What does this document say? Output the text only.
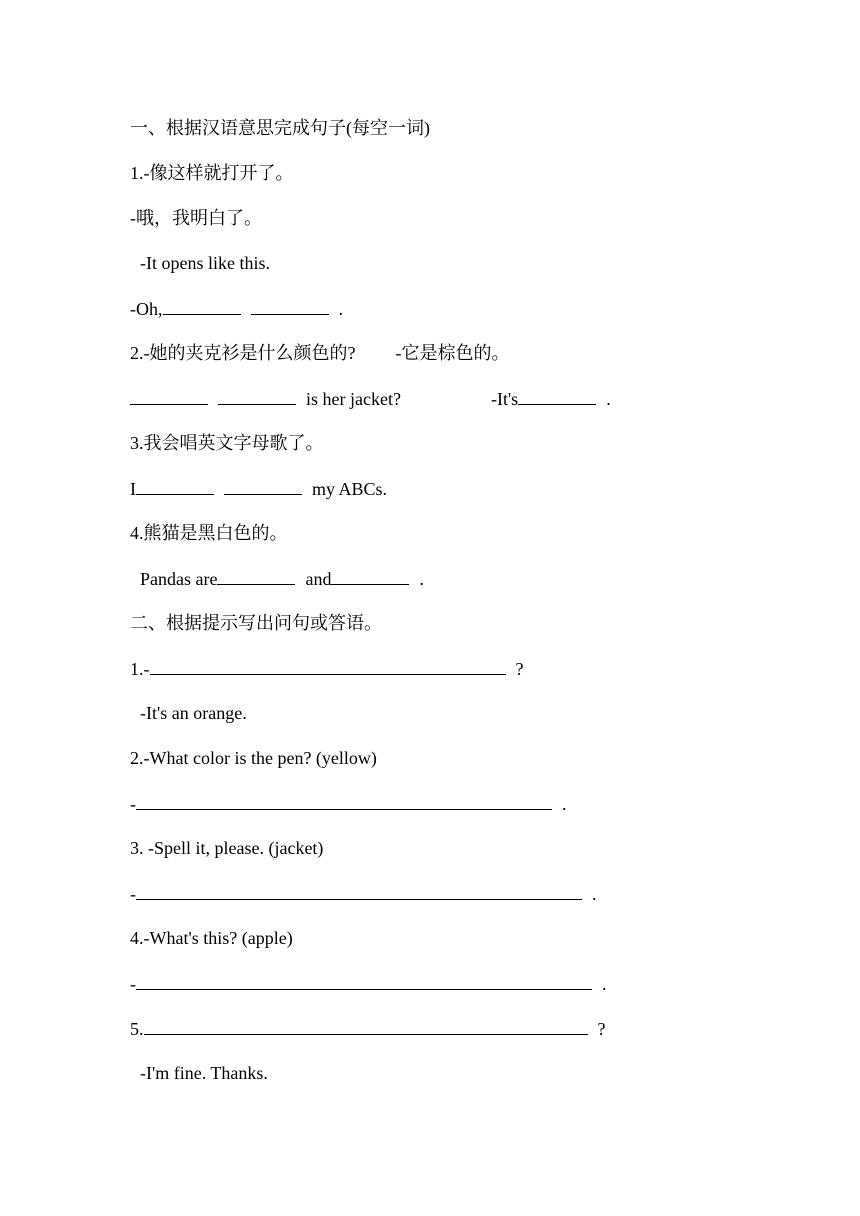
一、根据汉语意思完成句子(每空一词)
1.-像这样就打开了。
-哦，我明白了。
-It opens like this.
-Oh,	.
2.-她的夹克衫是什么颜色的? -它是棕色的。
is her jacket?	-It's	.
3.我会唱英文字母歌了。
I	my ABCs.
4.熊猫是黑白色的。
Pandas are	and	.
二、根据提示写出问句或答语。
1.-	?
-It's an orange.
2.-What color is the pen? (yellow)
-	.
3. -Spell it, please. (jacket)
-	.
4.-What's this? (apple)
-	.
5.	?
-I'm fine. Thanks.
